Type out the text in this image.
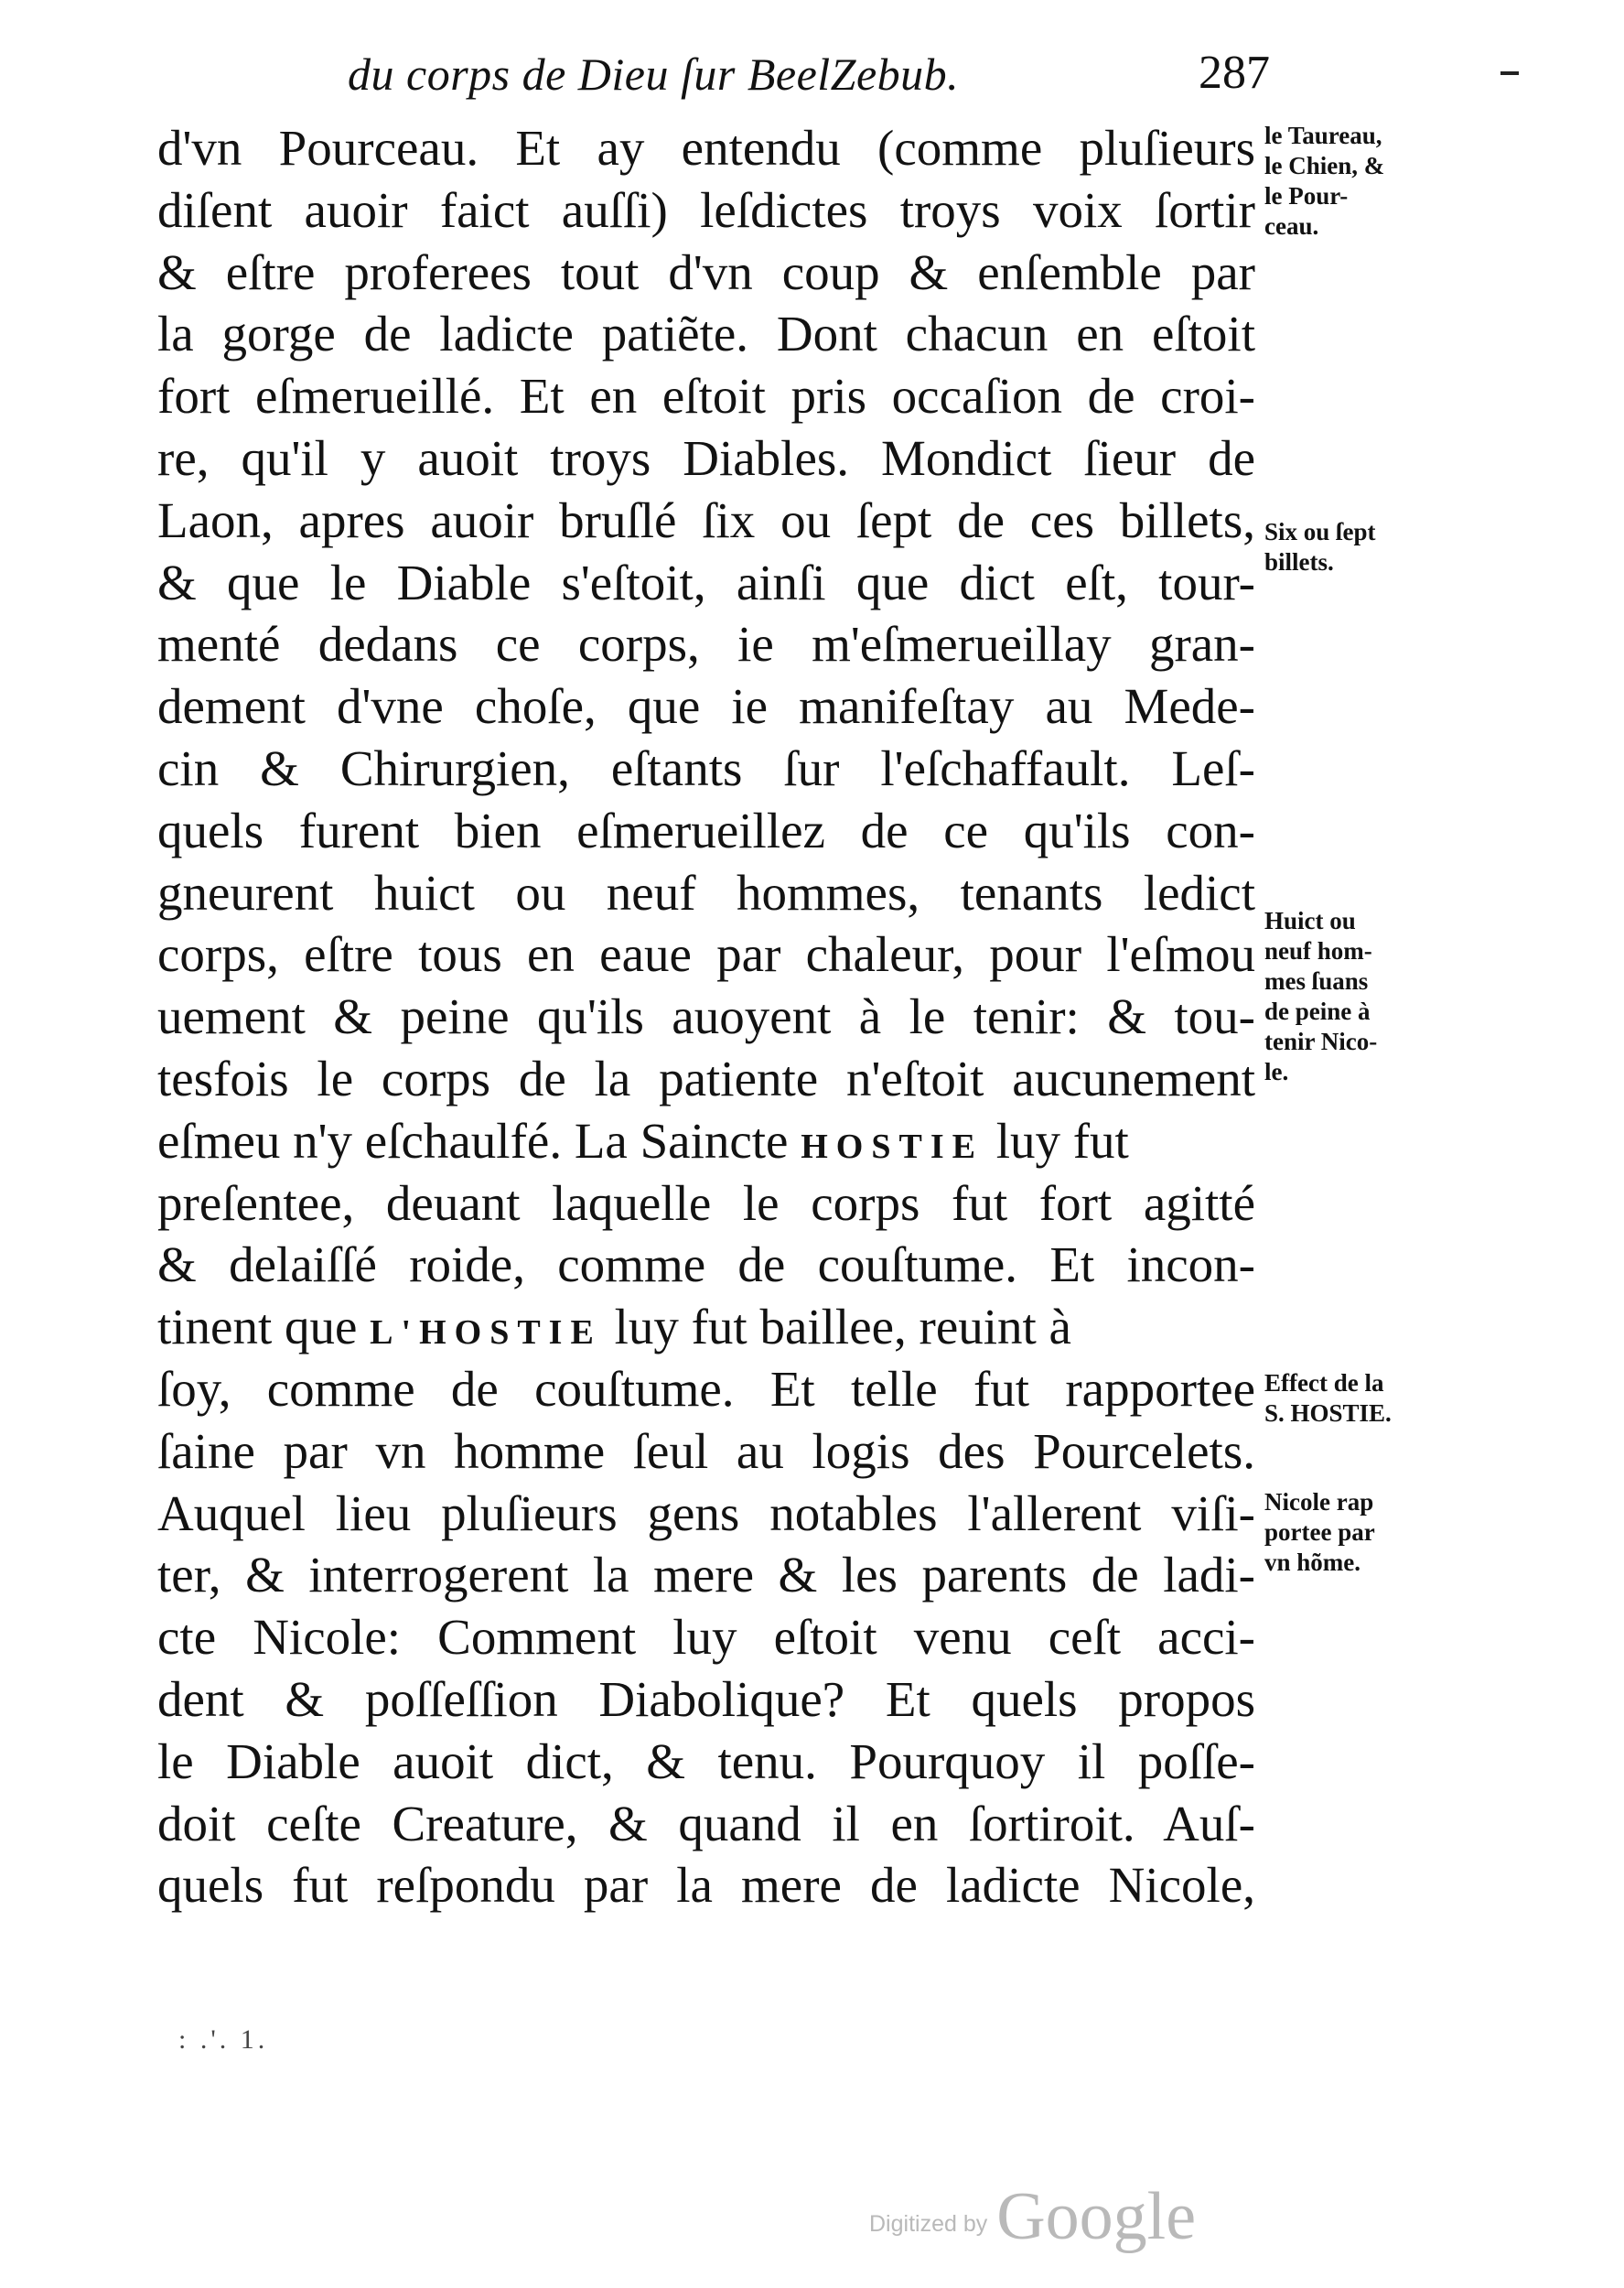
du corps de Dieu ſur BeelZebub.	287
d'vn Pourceau. Et ay entendu (comme pluſieurs
diſent auoir faict auſſi) leſdictes troys voix ſortir
& eſtre proferees tout d'vn coup & enſemble par
la gorge de ladicte patiẽte. Dont chacun en eſtoit
fort eſmerueillé. Et en eſtoit pris occaſion de croi-
re, qu'il y auoit troys Diables. Mondict ſieur de
Laon, apres auoir bruſlé ſix ou ſept de ces billets,
& que le Diable s'eſtoit, ainſi que dict eſt, tour-
menté dedans ce corps, ie m'eſmerueillay gran-
dement d'vne choſe, que ie manifeſtay au Mede-
cin & Chirurgien, eſtants ſur l'eſchaffault. Leſ-
quels furent bien eſmerueillez de ce qu'ils con-
gneurent huict ou neuf hommes, tenants ledict
corps, eſtre tous en eaue par chaleur, pour l'eſmou
uement & peine qu'ils auoyent à le tenir: & tou-
tesfois le corps de la patiente n'eſtoit aucunement
eſmeu n'y eſchaulfé. La Saincte HOSTIE luy fut
preſentee, deuant laquelle le corps fut fort agitté
& delaiſſé roide, comme de couſtume. Et incon-
tinent que L'HOSTIE luy fut baillee, reuint à
ſoy, comme de couſtume. Et telle fut rapportee
ſaine par vn homme ſeul au logis des Pourcelets.
Auquel lieu pluſieurs gens notables l'allerent viſi-
ter, & interrogerent la mere & les parents de ladi-
cte Nicole: Comment luy eſtoit venu ceſt acci-
dent & poſſeſſion Diabolique? Et quels propos
le Diable auoit dict, & tenu. Pourquoy il poſſe-
doit ceſte Creature, & quand il en ſortiroit. Auſ-
quels fut reſpondu par la mere de ladicte Nicole,
le Taureau,
le Chien, &
le Pour-
ceau.
Six ou ſept
billets.
Huict ou
neuf hom-
mes ſuans
de peine à
tenir Nico-
le.
Effect de la
S. HOSTIE.
Nicole rap
portee par
vn hõme.
: .'. 1.
Digitized by Google
